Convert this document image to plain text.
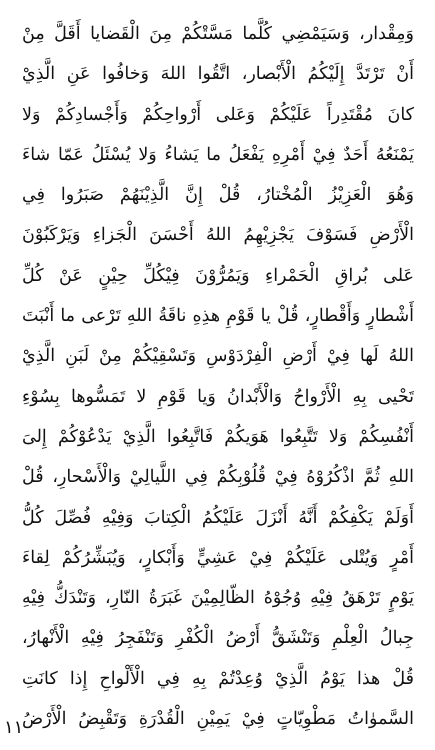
وَمِقْدار، وَسَيَمْضِي كُلَّما مَسَّتْكُمْ مِنَ الْقَضايا أَقَلَّ مِنْ
أَنْ تَرْتَدَّ إِلَيْكُمُ الْأَبْصار، اتَّقُوا اللهَ وَخافُوا عَنِ الَّذِيْ
كانَ مُقْتَدِراً عَلَيْكُمْ وَعَلى أَرْواحِكُمْ وَأَجْسادِكُمْ وَلا
يَمْنَعُهُ أَحَدٌ فِيْ أَمْرِهِ يَفْعَلُ ما يَشاءُ وَلا يُسْئَلُ عَمّا شاءَ
وَهُوَ الْعَزِيْزُ الْمُخْتارُ، قُلْ إِنَّ الَّذِيْنَهُمْ صَبَرُوا فِي
الْأَرْضِ فَسَوْفَ يَجْزِيْهِمُ اللهُ أَحْسَنَ الْجَزاءِ وَيَرْكَبُوْنَ
عَلى بُراقِ الْحَمْراءِ وَيَمُرُّوْنَ فِيْكُلِّ حِيْنٍ عَنْ كُلِّ
أَشْطارٍ وَأَقْطارٍ، قُلْ يا قَوْمِ هذِهِ ناقَةُ اللهِ تَرْعى ما أَنْبَتَ
اللهُ لَها فِيْ أَرْضِ الْفِرْدَوْسِ وَتَسْقِيْكُمْ مِنْ لَبَنِ الَّذِيْ
تَحْيى بِهِ الْأَرْواحُ وَالْأَبْدانُ وَيا قَوْمِ لا تَمَسُّوها بِسُوْءِ
أَنْفُسِكُمْ وَلا تَتَّبِعُوا هَوَيكُمْ فَاتَّبِعُوا الَّذِيْ يَدْعُوْكُمْ إِلىَ
اللهِ ثُمَّ اذْكُرُوْهُ فِيْ قُلُوْبِكُمْ فِي اللَّيالِيْ وَالْأَسْحارِ، قُلْ
أَوَلَمْ يَكْفِكُمْ أَنَّهُ أَنْزَلَ عَلَيْكُمُ الْكِتابَ وَفِيْهِ فُصِّلَ كُلُّ
أَمْرٍ وَيُتْلى عَلَيْكُمْ فِيْ عَشِيٍّ وَأَبْكارٍ، وَيُبَشِّرُكُمْ لِقاءَ
يَوْمٍ تَرْهَقُ فِيْهِ وُجُوْهُ الظّالِمِيْنَ غَبَرَةُ النّارِ، وَتَنْدَكُّ فِيْهِ
جِبالُ الْعِلْمِ وَتَنْشَقُّ أَرْضُ الْكُفْرِ وَتَنْفَجِرُ فِيْهِ الْأَنْهارُ،
قُلْ هذا يَوْمُ الَّذِيْ وُعِدْتُمْ بِهِ فِي الْأَلْواحِ إِذا كانَتِ
السَّموٰاتُ مَطْوِيّاتٍ فِيْ يَمِيْنِ الْقُدْرَةِ وَتَقْبِضُ الْأَرْضُ
١١
